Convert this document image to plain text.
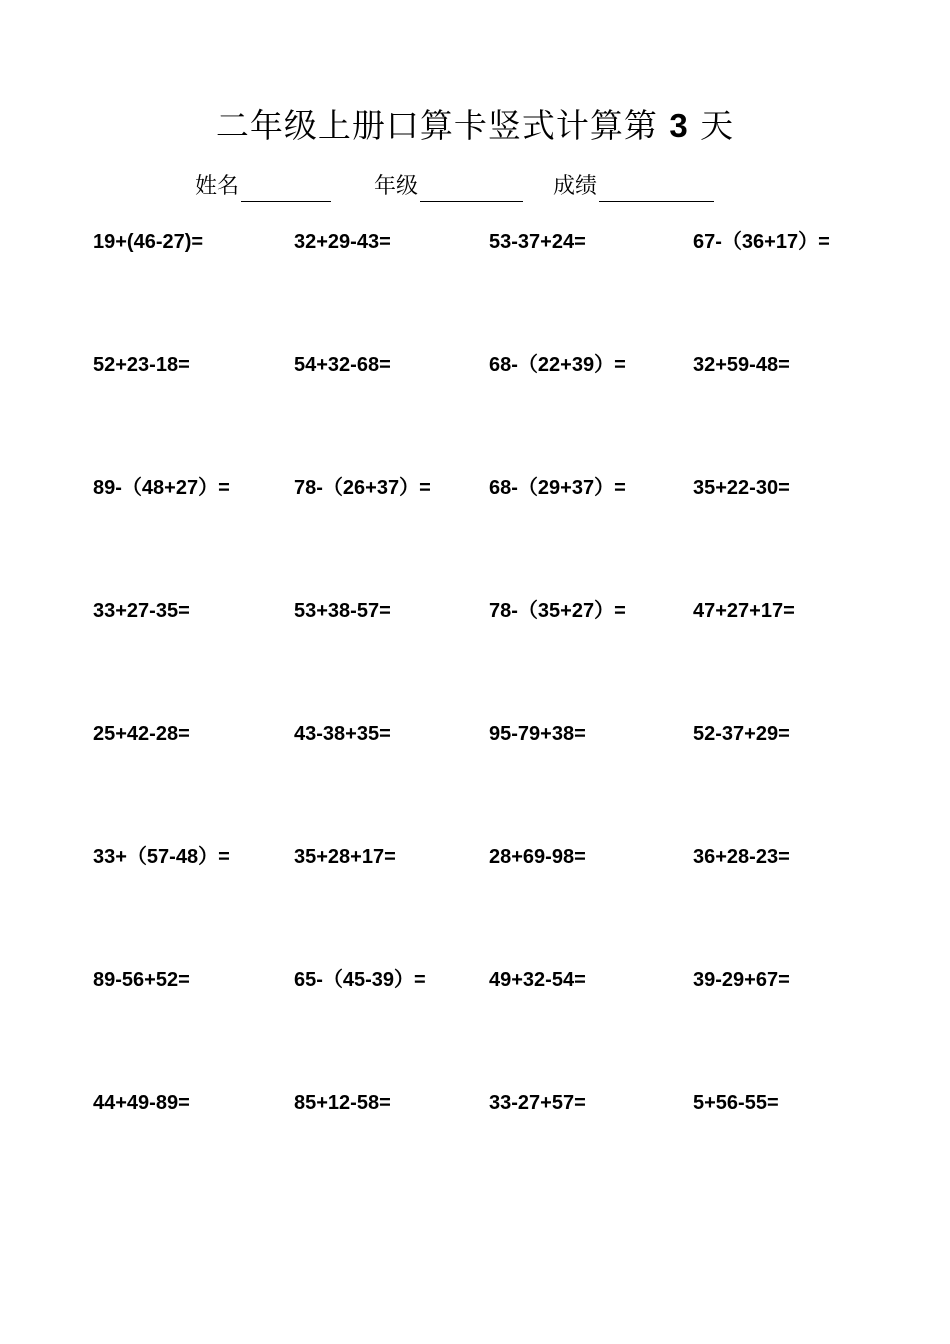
二年级上册口算卡竖式计算第 3 天
姓名	年级	成绩
19+(46-27)=	32+29-43=	53-37+24=	67-（36+17）=
52+23-18=	54+32-68=	68-（22+39）=	32+59-48=
89-（48+27）=	78-（26+37）=	68-（29+37）=	35+22-30=
33+27-35=	53+38-57=	78-（35+27）=	47+27+17=
25+42-28=	43-38+35=	95-79+38=	52-37+29=
33+（57-48）=	35+28+17=	28+69-98=	36+28-23=
89-56+52=	65-（45-39）=	49+32-54=	39-29+67=
44+49-89=	85+12-58=	33-27+57=	5+56-55=
